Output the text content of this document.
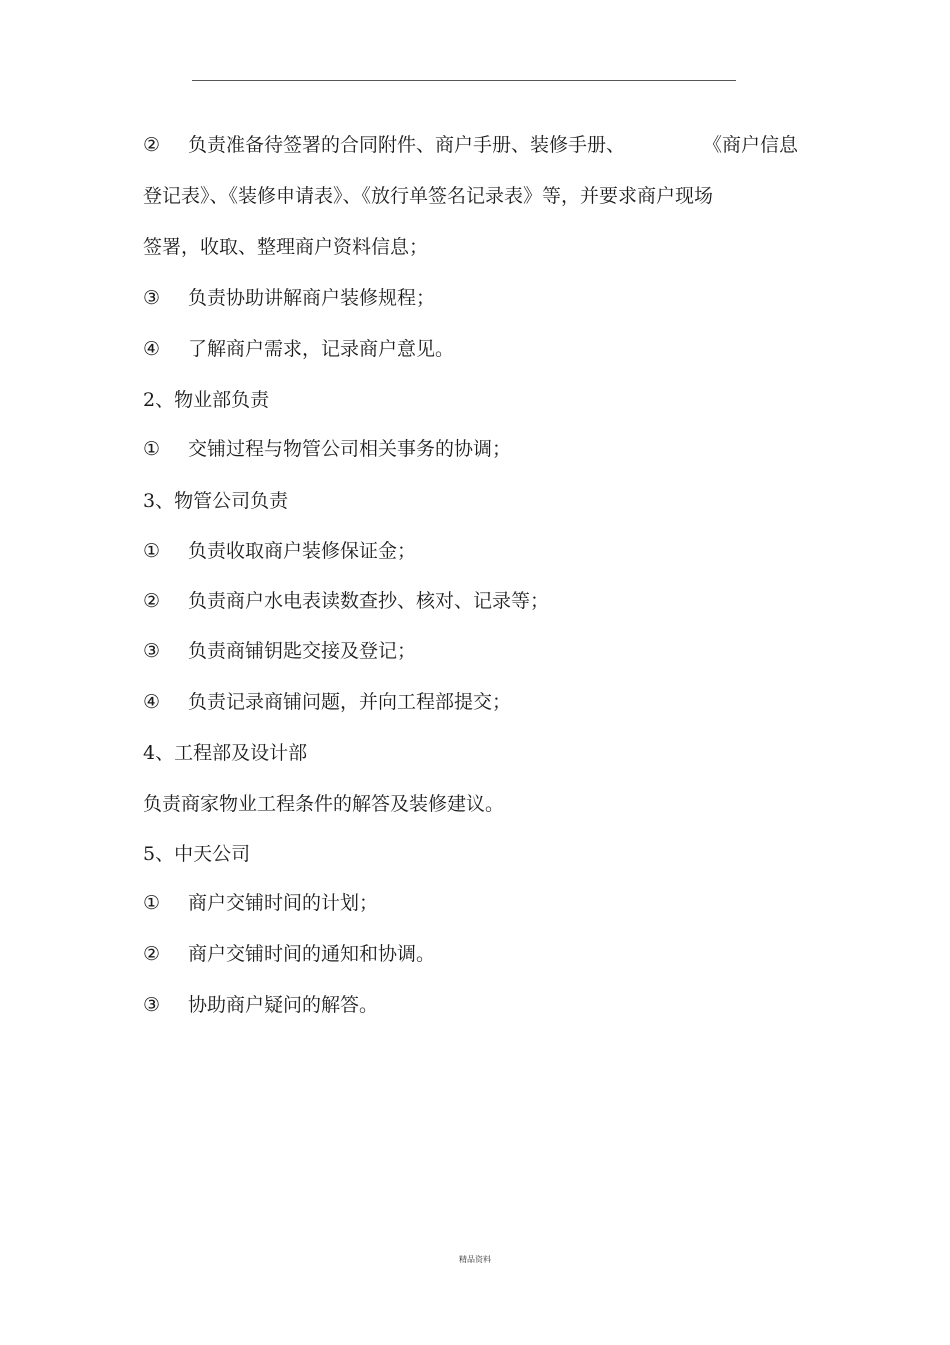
② 负责准备待签署的合同附件、商户手册、装修手册、	《商户信息
登记表》、《装修申请表》、《放行单签名记录表》等，并要求商户现场
签署，收取、整理商户资料信息；
③ 负责协助讲解商户装修规程；
④ 了解商户需求，记录商户意见。
2、物业部负责
① 交铺过程与物管公司相关事务的协调；
3、物管公司负责
① 负责收取商户装修保证金；
② 负责商户水电表读数查抄、核对、记录等；
③ 负责商铺钥匙交接及登记；
④ 负责记录商铺问题，并向工程部提交；
4、工程部及设计部
负责商家物业工程条件的解答及装修建议。
5、中天公司
① 商户交铺时间的计划；
② 商户交铺时间的通知和协调。
③ 协助商户疑问的解答。
精品资料
